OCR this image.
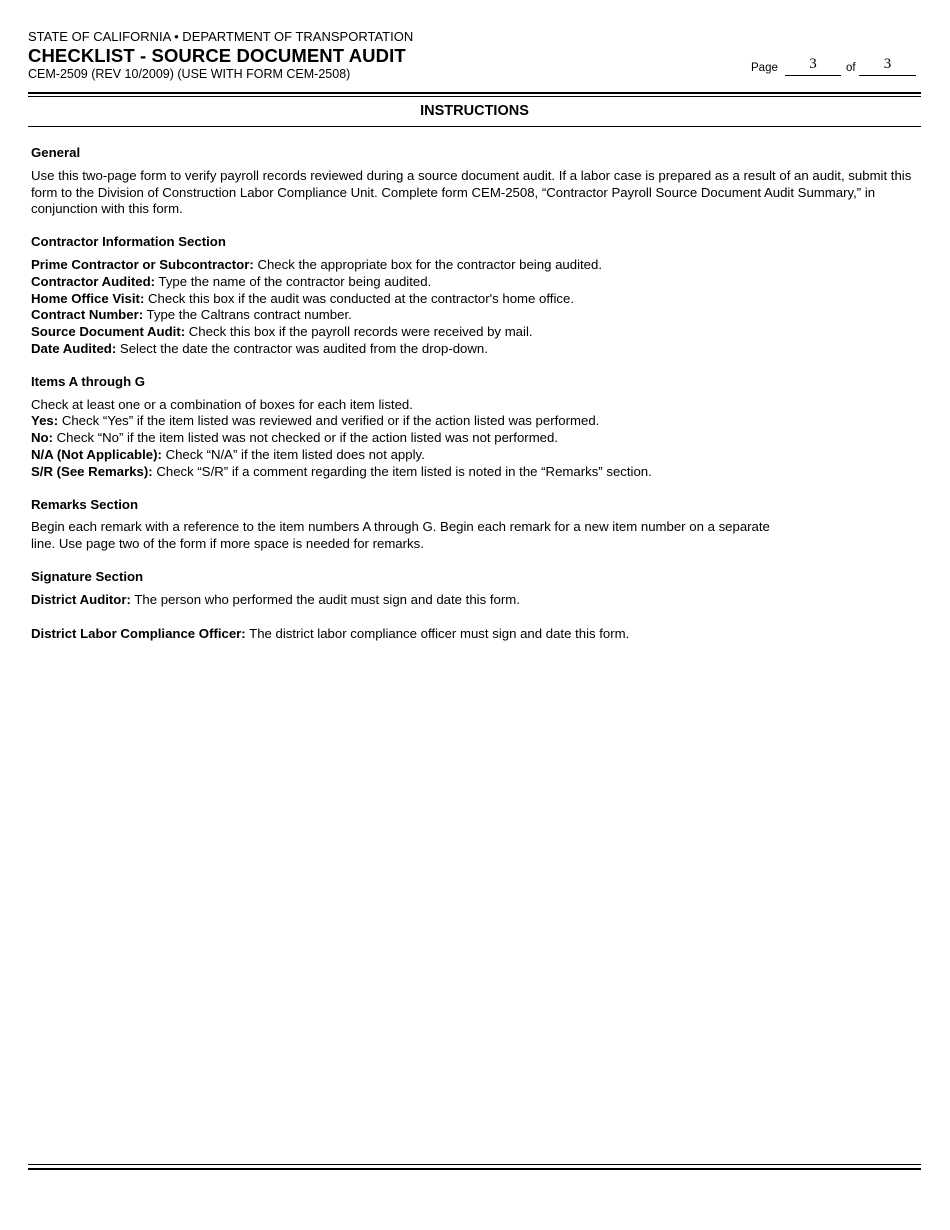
STATE OF CALIFORNIA • DEPARTMENT OF TRANSPORTATION
CHECKLIST - SOURCE DOCUMENT AUDIT
CEM-2509 (REV 10/2009) (USE WITH FORM CEM-2508)	Page	3	of	3
INSTRUCTIONS
General

Use this two-page form to verify payroll records reviewed during a source document audit. If a labor case is prepared as a result of an audit, submit this form to the Division of Construction Labor Compliance Unit. Complete form CEM-2508, “Contractor Payroll Source Document Audit Summary,” in conjunction with this form.

Contractor Information Section

Prime Contractor or Subcontractor: Check the appropriate box for the contractor being audited.

Contractor Audited: Type the name of the contractor being audited.

Home Office Visit: Check this box if the audit was conducted at the contractor's home office.

Contract Number: Type the Caltrans contract number.

Source Document Audit: Check this box if the payroll records were received by mail.

Date Audited: Select the date the contractor was audited from the drop-down.

Items A through G

Check at least one or a combination of boxes for each item listed.

Yes: Check “Yes” if the item listed was reviewed and verified or if the action listed was performed.

No: Check “No” if the item listed was not checked or if the action listed was not performed.

N/A (Not Applicable): Check “N/A” if the item listed does not apply.

S/R (See Remarks): Check “S/R” if a comment regarding the item listed is noted in the “Remarks” section.

Remarks Section

Begin each remark with a reference to the item numbers A through G. Begin each remark for a new item number on a separate line. Use page two of the form if more space is needed for remarks.

Signature Section

District Auditor: The person who performed the audit must sign and date this form.

District Labor Compliance Officer: The district labor compliance officer must sign and date this form.
